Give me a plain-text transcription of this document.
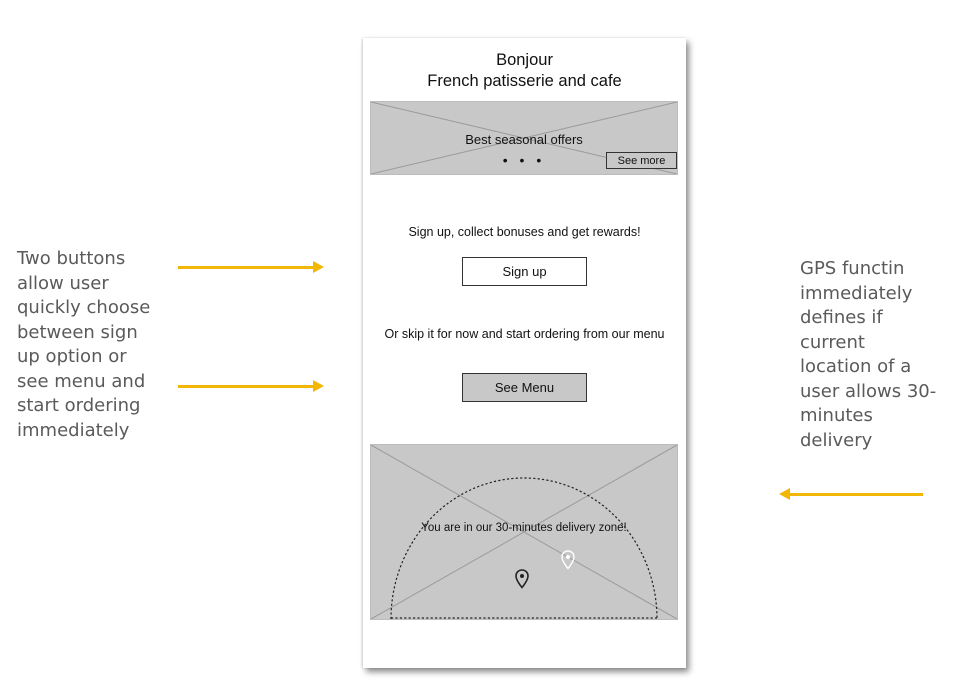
Two buttons
allow user
quickly choose
between sign
up option or
see menu and
start ordering
immediately
GPS functin
immediately
defines if
current
location of a
user allows 30-
minutes
delivery
Bonjour
French patisserie and cafe
Best seasonal offers
• • •	See more
Sign up, collect bonuses and get rewards!
Sign up
Or skip it for now and start ordering from our menu
See Menu
You are in our 30-minutes delivery zone!
